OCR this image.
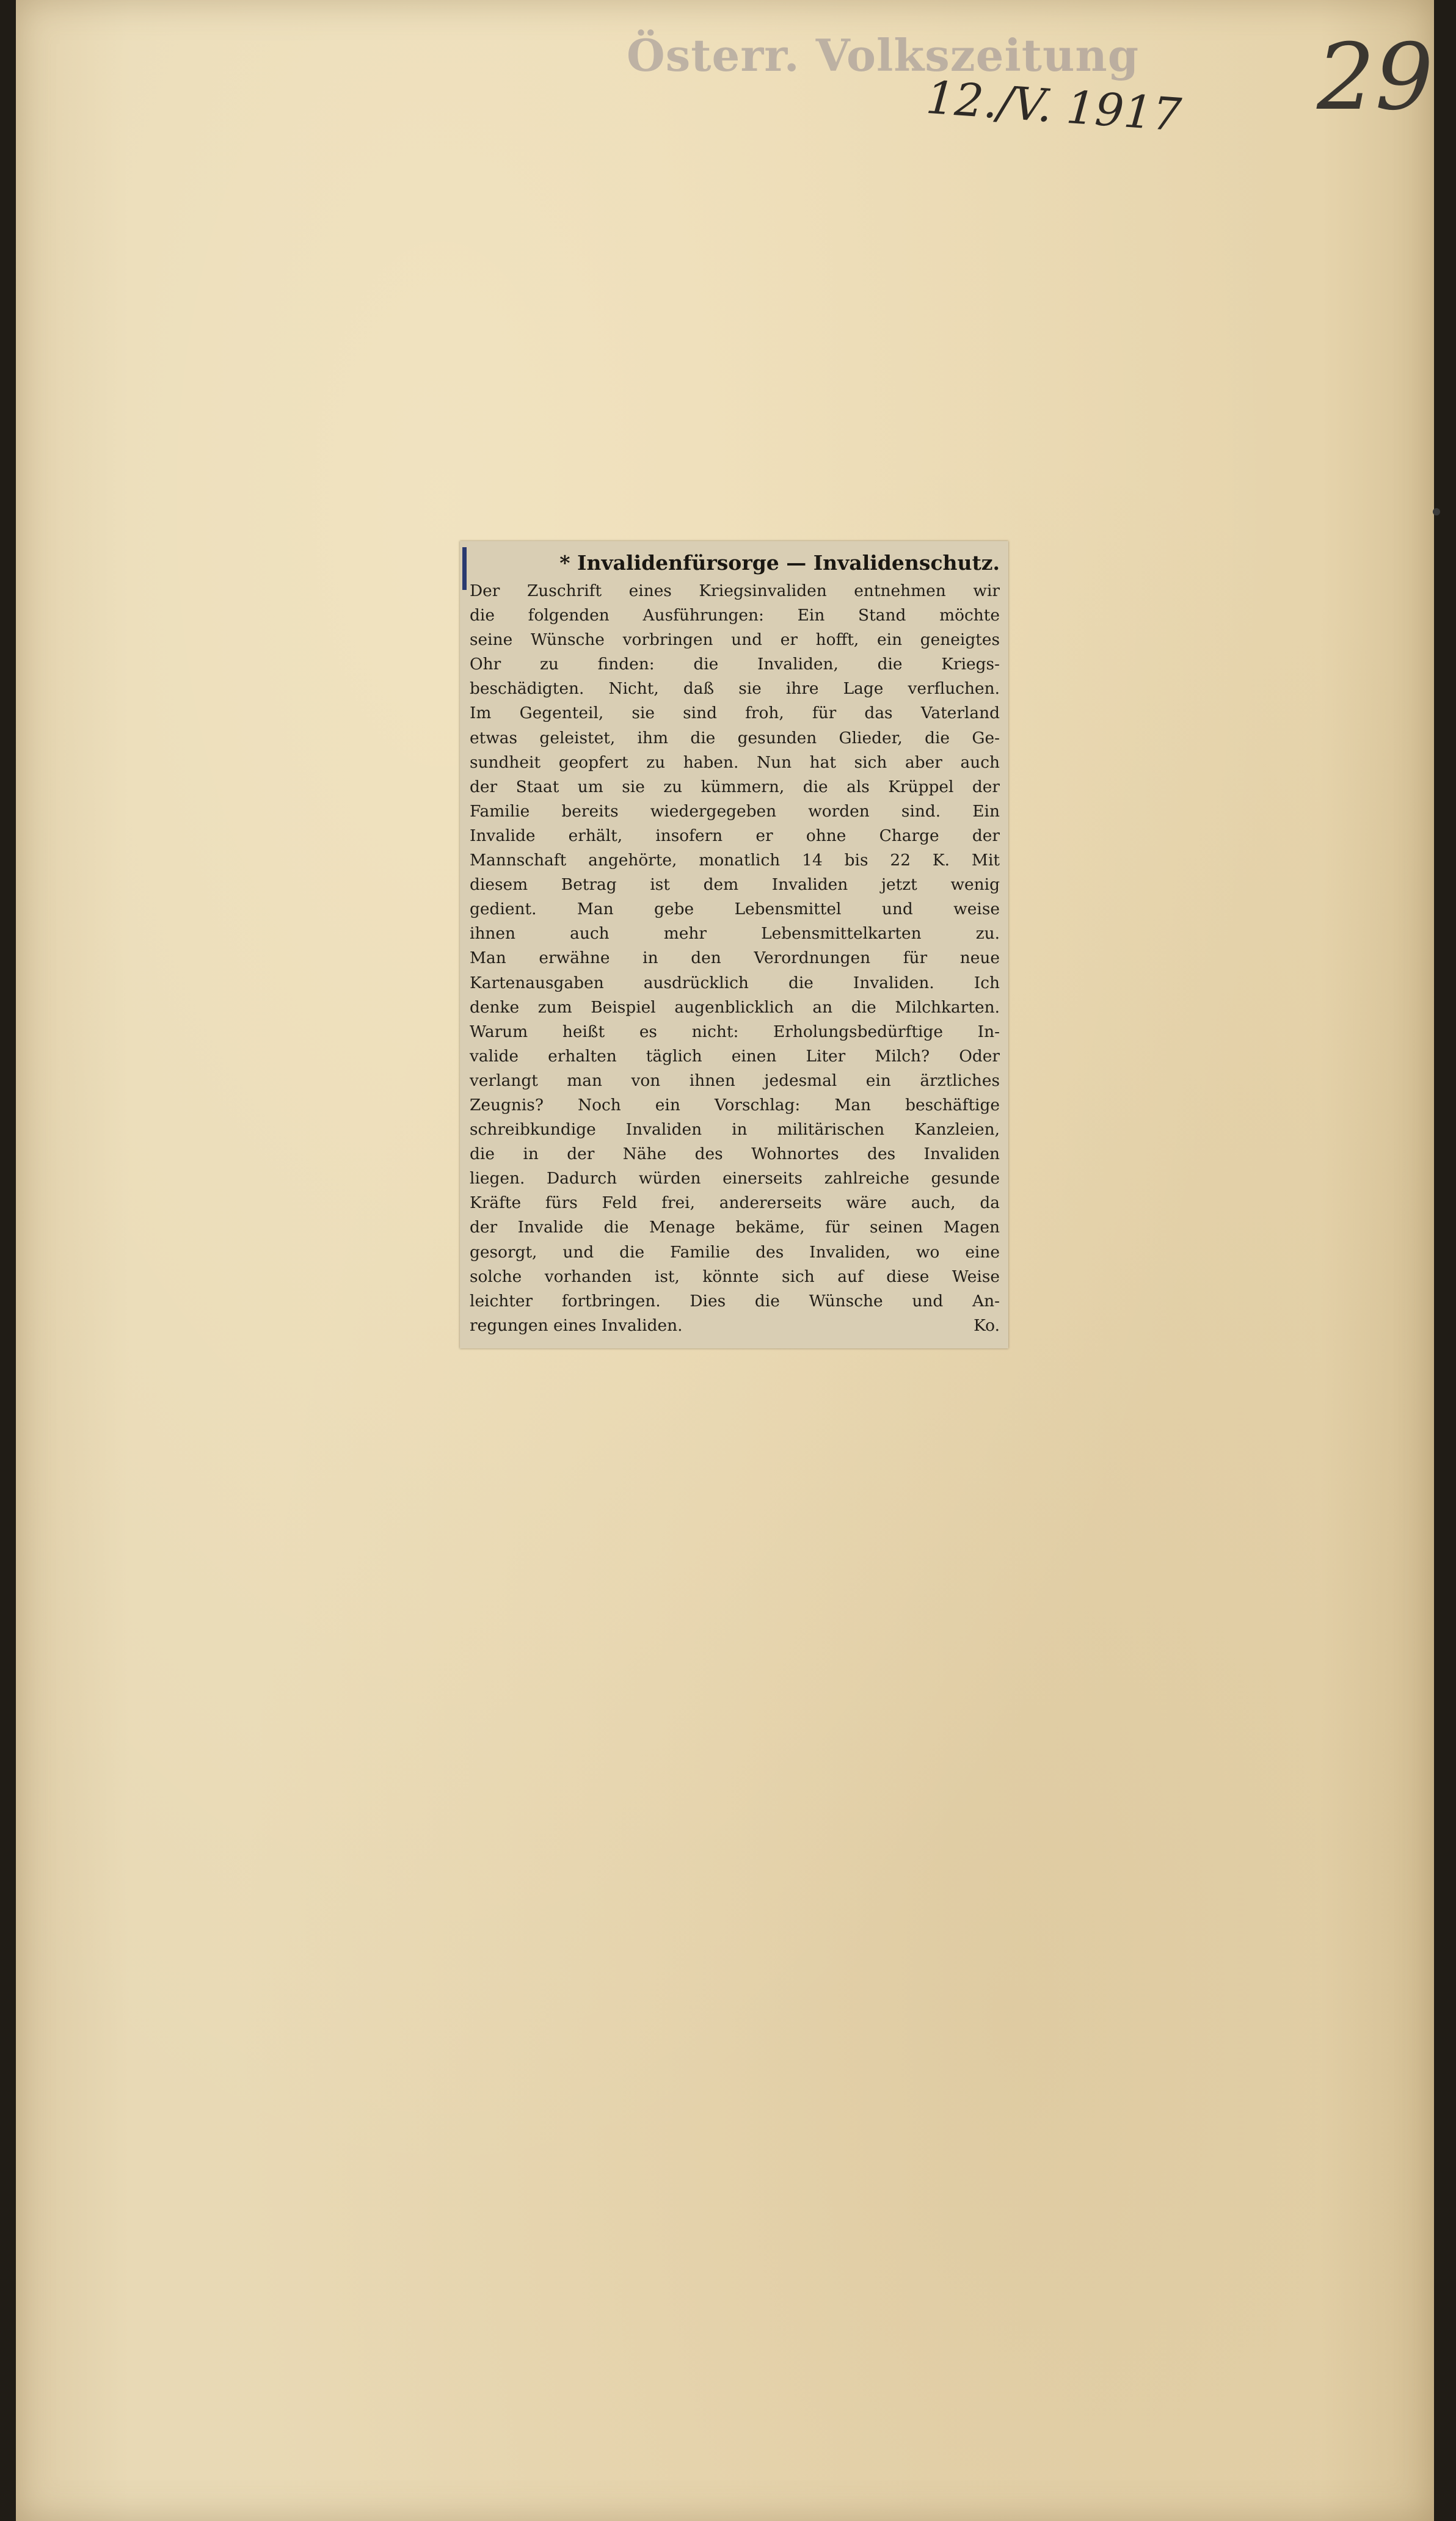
Österr. Volkszeitung
12./V. 1917 29
* Invalidenfürsorge — Invalidenschutz.
Der Zuschrift eines Kriegsinvaliden entnehmen wir
die folgenden Ausführungen: Ein Stand möchte
seine Wünsche vorbringen und er hofft, ein geneigtes
Ohr zu finden: die Invaliden, die Kriegs-
beschädigten. Nicht, daß sie ihre Lage verfluchen.
Im Gegenteil, sie sind froh, für das Vaterland
etwas geleistet, ihm die gesunden Glieder, die Ge-
sundheit geopfert zu haben. Nun hat sich aber auch
der Staat um sie zu kümmern, die als Krüppel der
Familie bereits wiedergegeben worden sind. Ein
Invalide erhält, insofern er ohne Charge der
Mannschaft angehörte, monatlich 14 bis 22 K. Mit
diesem Betrag ist dem Invaliden jetzt wenig
gedient. Man gebe Lebensmittel und weise
ihnen auch mehr Lebensmittelkarten zu.
Man erwähne in den Verordnungen für neue
Kartenausgaben ausdrücklich die Invaliden. Ich
denke zum Beispiel augenblicklich an die Milchkarten.
Warum heißt es nicht: Erholungsbedürftige In-
valide erhalten täglich einen Liter Milch? Oder
verlangt man von ihnen jedesmal ein ärztliches
Zeugnis? Noch ein Vorschlag: Man beschäftige
schreibkundige Invaliden in militärischen Kanzleien,
die in der Nähe des Wohnortes des Invaliden
liegen. Dadurch würden einerseits zahlreiche gesunde
Kräfte fürs Feld frei, andererseits wäre auch, da
der Invalide die Menage bekäme, für seinen Magen
gesorgt, und die Familie des Invaliden, wo eine
solche vorhanden ist, könnte sich auf diese Weise
leichter fortbringen. Dies die Wünsche und An-
regungen eines Invaliden.	Ko.
